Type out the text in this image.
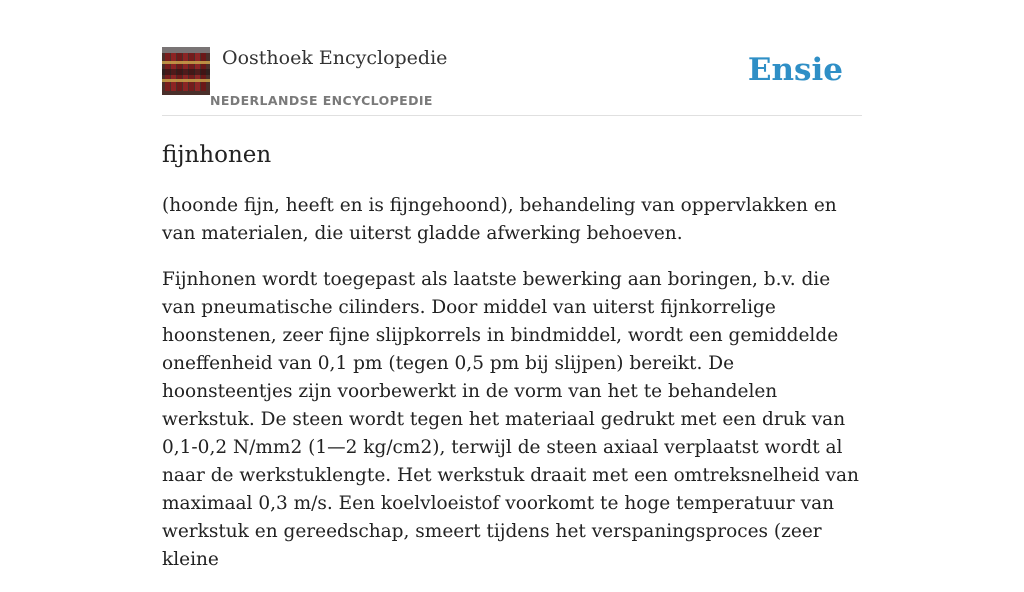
Oosthoek Encyclopedie
NEDERLANDSE ENCYCLOPEDIE
Ensie
fijnhonen

(hoonde fijn, heeft en is fijngehoond), behandeling van oppervlakken en van materialen, die uiterst gladde afwerking behoeven.

Fijnhonen wordt toegepast als laatste bewerking aan boringen, b.v. die van pneumatische cilinders. Door middel van uiterst fijnkorrelige hoonstenen, zeer fijne slijpkorrels in bindmiddel, wordt een gemiddelde oneffenheid van 0,1 pm (tegen 0,5 pm bij slijpen) bereikt. De hoonsteentjes zijn voorbewerkt in de vorm van het te behandelen werkstuk. De steen wordt tegen het materiaal gedrukt met een druk van 0,1-0,2 N/mm2 (1—2 kg/cm2), terwijl de steen axiaal verplaatst wordt al naar de werkstuklengte. Het werkstuk draait met een omtreksnelheid van maximaal 0,3 m/s. Een koelvloeistof voorkomt te hoge temperatuur van werkstuk en gereedschap, smeert tijdens het verspaningsproces (zeer kleine
